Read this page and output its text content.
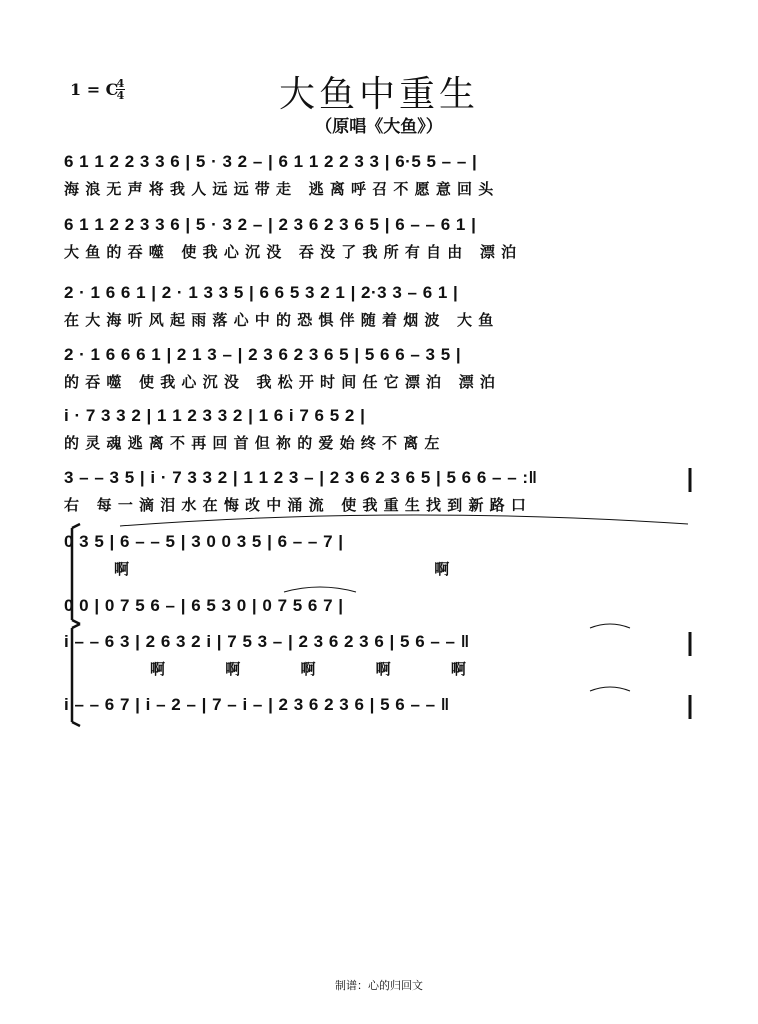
1 = C
4
4	大鱼中重生
（原唱《大鱼》）
6 1 1 2 2 3 3 6 | 5 · 3 2 – | 6 1 1 2 2 3 3 | 6·5 5 – – |
海浪无声将我人远远带走 逃离呼召不愿意回头
6 1 1 2 2 3 3 6 | 5 · 3 2 – | 2 3 6 2 3 6 5 | 6 – – 6 1 |
大鱼的吞噬 使我心沉没 吞没了我所有自由 漂泊
2 · 1 6 6 1 | 2 · 1 3 3 5 | 6 6 5 3 2 1 | 2·3 3 – 6 1 |
在大海听风起雨落心中的恐惧伴随着烟波 大鱼
2 · 1 6 6 6 1 | 2 1 3 – | 2 3 6 2 3 6 5 | 5 6 6 – 3 5 |
的吞噬 使我心沉没 我松开时间任它漂泊 漂泊
i · 7 3 3 2 | 1 1 2 3 3 2 | 1 6 i 7 6 5 2 |
的灵魂逃离不再回首但祢的爱始终不离左
3 – – 3 5 | i · 7 3 3 2 | 1 1 2 3 – | 2 3 6 2 3 6 5 | 5 6 6 – – :‖
右 每一滴泪水在悔改中涌流 使我重生找到新路口
0 3 5 | 6 – – 5 | 3 0 0 3 5 | 6 – – 7 |
啊 啊
0 0 | 0 7 5 6 – | 6 5 3 0 | 0 7 5 6 7 |
i – – 6 3 | 2 6 3 2 i | 7 5 3 – | 2 3 6 2 3 6 | 5 6 – – ‖
啊 啊 啊 啊 啊
i – – 6 7 | i – 2 – | 7 – i – | 2 3 6 2 3 6 | 5 6 – – ‖
制谱：心的归回文
